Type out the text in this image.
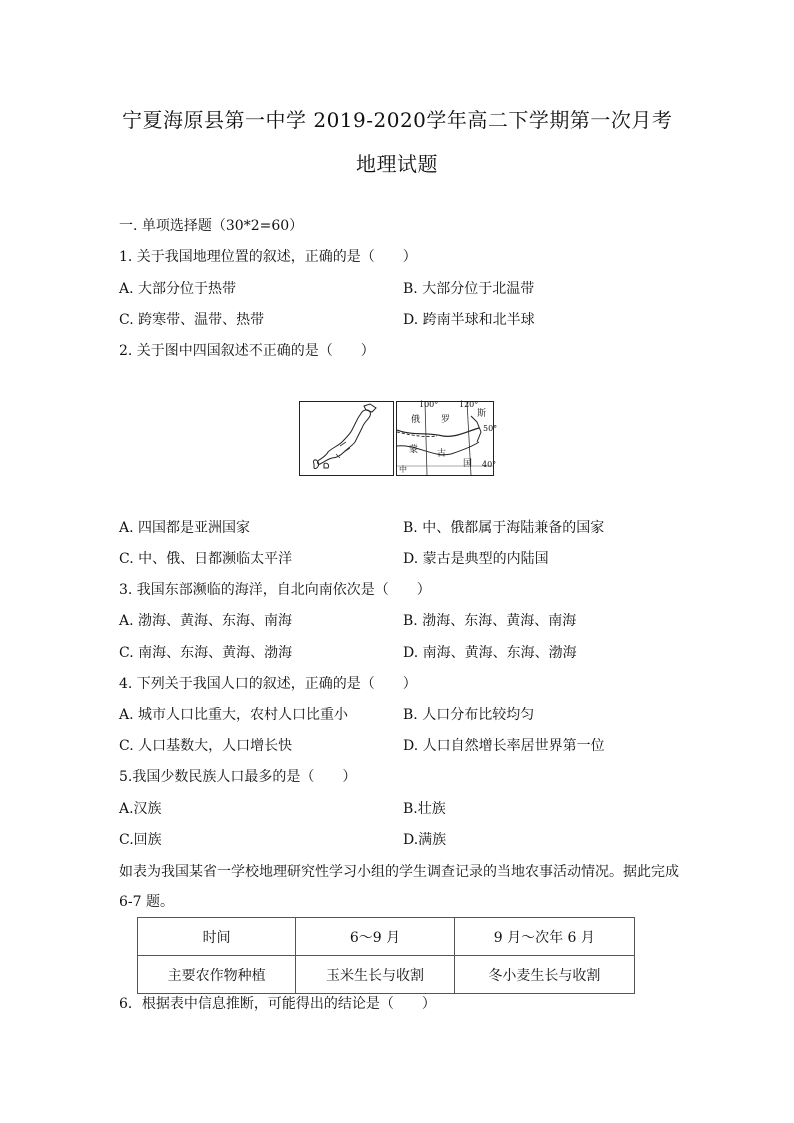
宁夏海原县第一中学 2019-2020学年高二下学期第一次月考
地理试题
一. 单项选择题（30*2=60）
1. 关于我国地理位置的叙述，正确的是（　　）
A. 大部分位于热带	B. 大部分位于北温带
C. 跨寒带、温带、热带	D. 跨南半球和北半球
2. 关于图中四国叙述不正确的是（　　）
100°	120°
50°
40°
俄 罗
斯
蒙 古
国
中
A. 四国都是亚洲国家	B. 中、俄都属于海陆兼备的国家
C. 中、俄、日都濒临太平洋	D. 蒙古是典型的内陆国
3. 我国东部濒临的海洋，自北向南依次是（　　）
A. 渤海、黄海、东海、南海	B. 渤海、东海、黄海、南海
C. 南海、东海、黄海、渤海	D. 南海、黄海、东海、渤海
4. 下列关于我国人口的叙述，正确的是（　　）
A. 城市人口比重大，农村人口比重小	B. 人口分布比较均匀
C. 人口基数大，人口增长快	D. 人口自然增长率居世界第一位
5.我国少数民族人口最多的是（　　）
A.汉族	B.壮族
C.回族	D.满族
如表为我国某省一学校地理研究性学习小组的学生调查记录的当地农事活动情况。据此完成
6-7 题。
时间	6～9 月	9 月～次年 6 月
主要农作物种植	玉米生长与收割	冬小麦生长与收割
6．根据表中信息推断，可能得出的结论是（　　）
